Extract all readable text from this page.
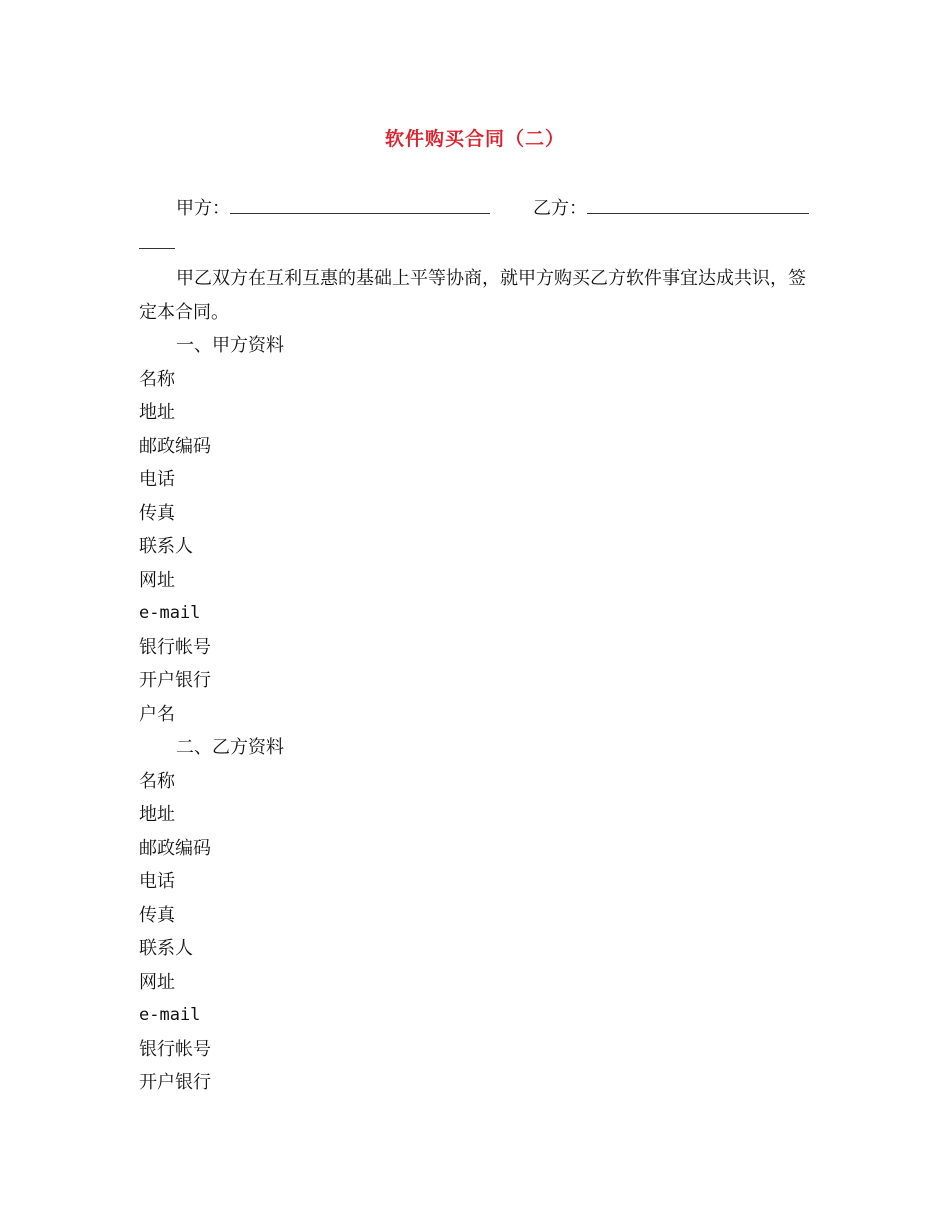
软件购买合同（二）
甲方：	乙方：

甲乙双方在互利互惠的基础上平等协商，就甲方购买乙方软件事宜达成共识，签定本合同。

一、甲方资料

名称

地址

邮政编码

电话

传真

联系人

网址

e-mail

银行帐号

开户银行

户名

二、乙方资料

名称

地址

邮政编码

电话

传真

联系人

网址

e-mail

银行帐号

开户银行
